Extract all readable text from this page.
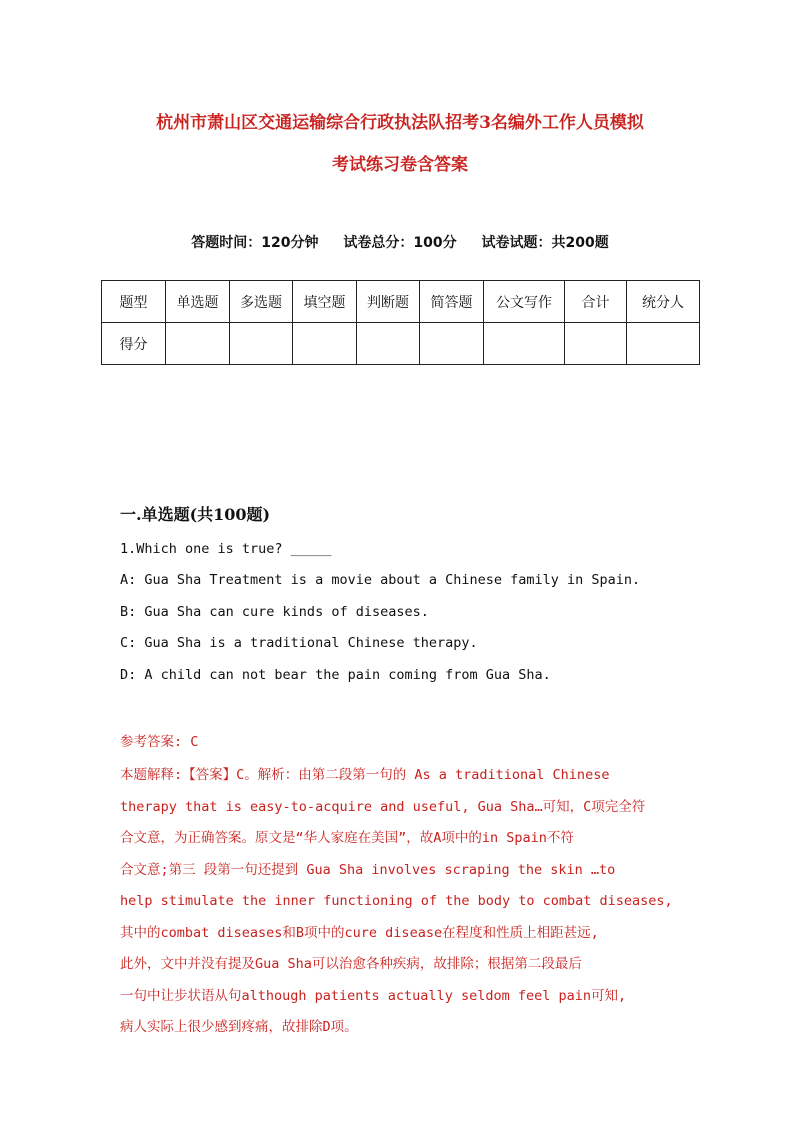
杭州市萧山区交通运输综合行政执法队招考3名编外工作人员模拟
考试练习卷含答案
答题时间：120分钟 试卷总分：100分 试卷试题：共200题
题型	单选题	多选题	填空题	判断题	简答题	公文写作	合计	统分人
得分								
一.单选题(共100题)

1.Which one is true? _____

A: Gua Sha Treatment is a movie about a Chinese family in Spain.

B: Gua Sha can cure kinds of diseases.

C: Gua Sha is a traditional Chinese therapy.

D: A child can not bear the pain coming from Gua Sha.

参考答案: C
本题解释:【答案】C。解析：由第二段第一句的 As a traditional Chinese
therapy that is easy-to-acquire and useful, Gua Sha…可知，C项完全符
合文意，为正确答案。原文是“华人家庭在美国”，故A项中的in Spain不符
合文意;第三 段第一句还提到 Gua Sha involves scraping the skin …to
help stimulate the inner functioning of the body to combat diseases,
其中的combat diseases和B项中的cure disease在程度和性质上相距甚远,
此外，文中并没有提及Gua Sha可以治愈各种疾病，故排除；根据第二段最后
一句中让步状语从句although patients actually seldom feel pain可知,
病人实际上很少感到疼痛，故排除D项。
